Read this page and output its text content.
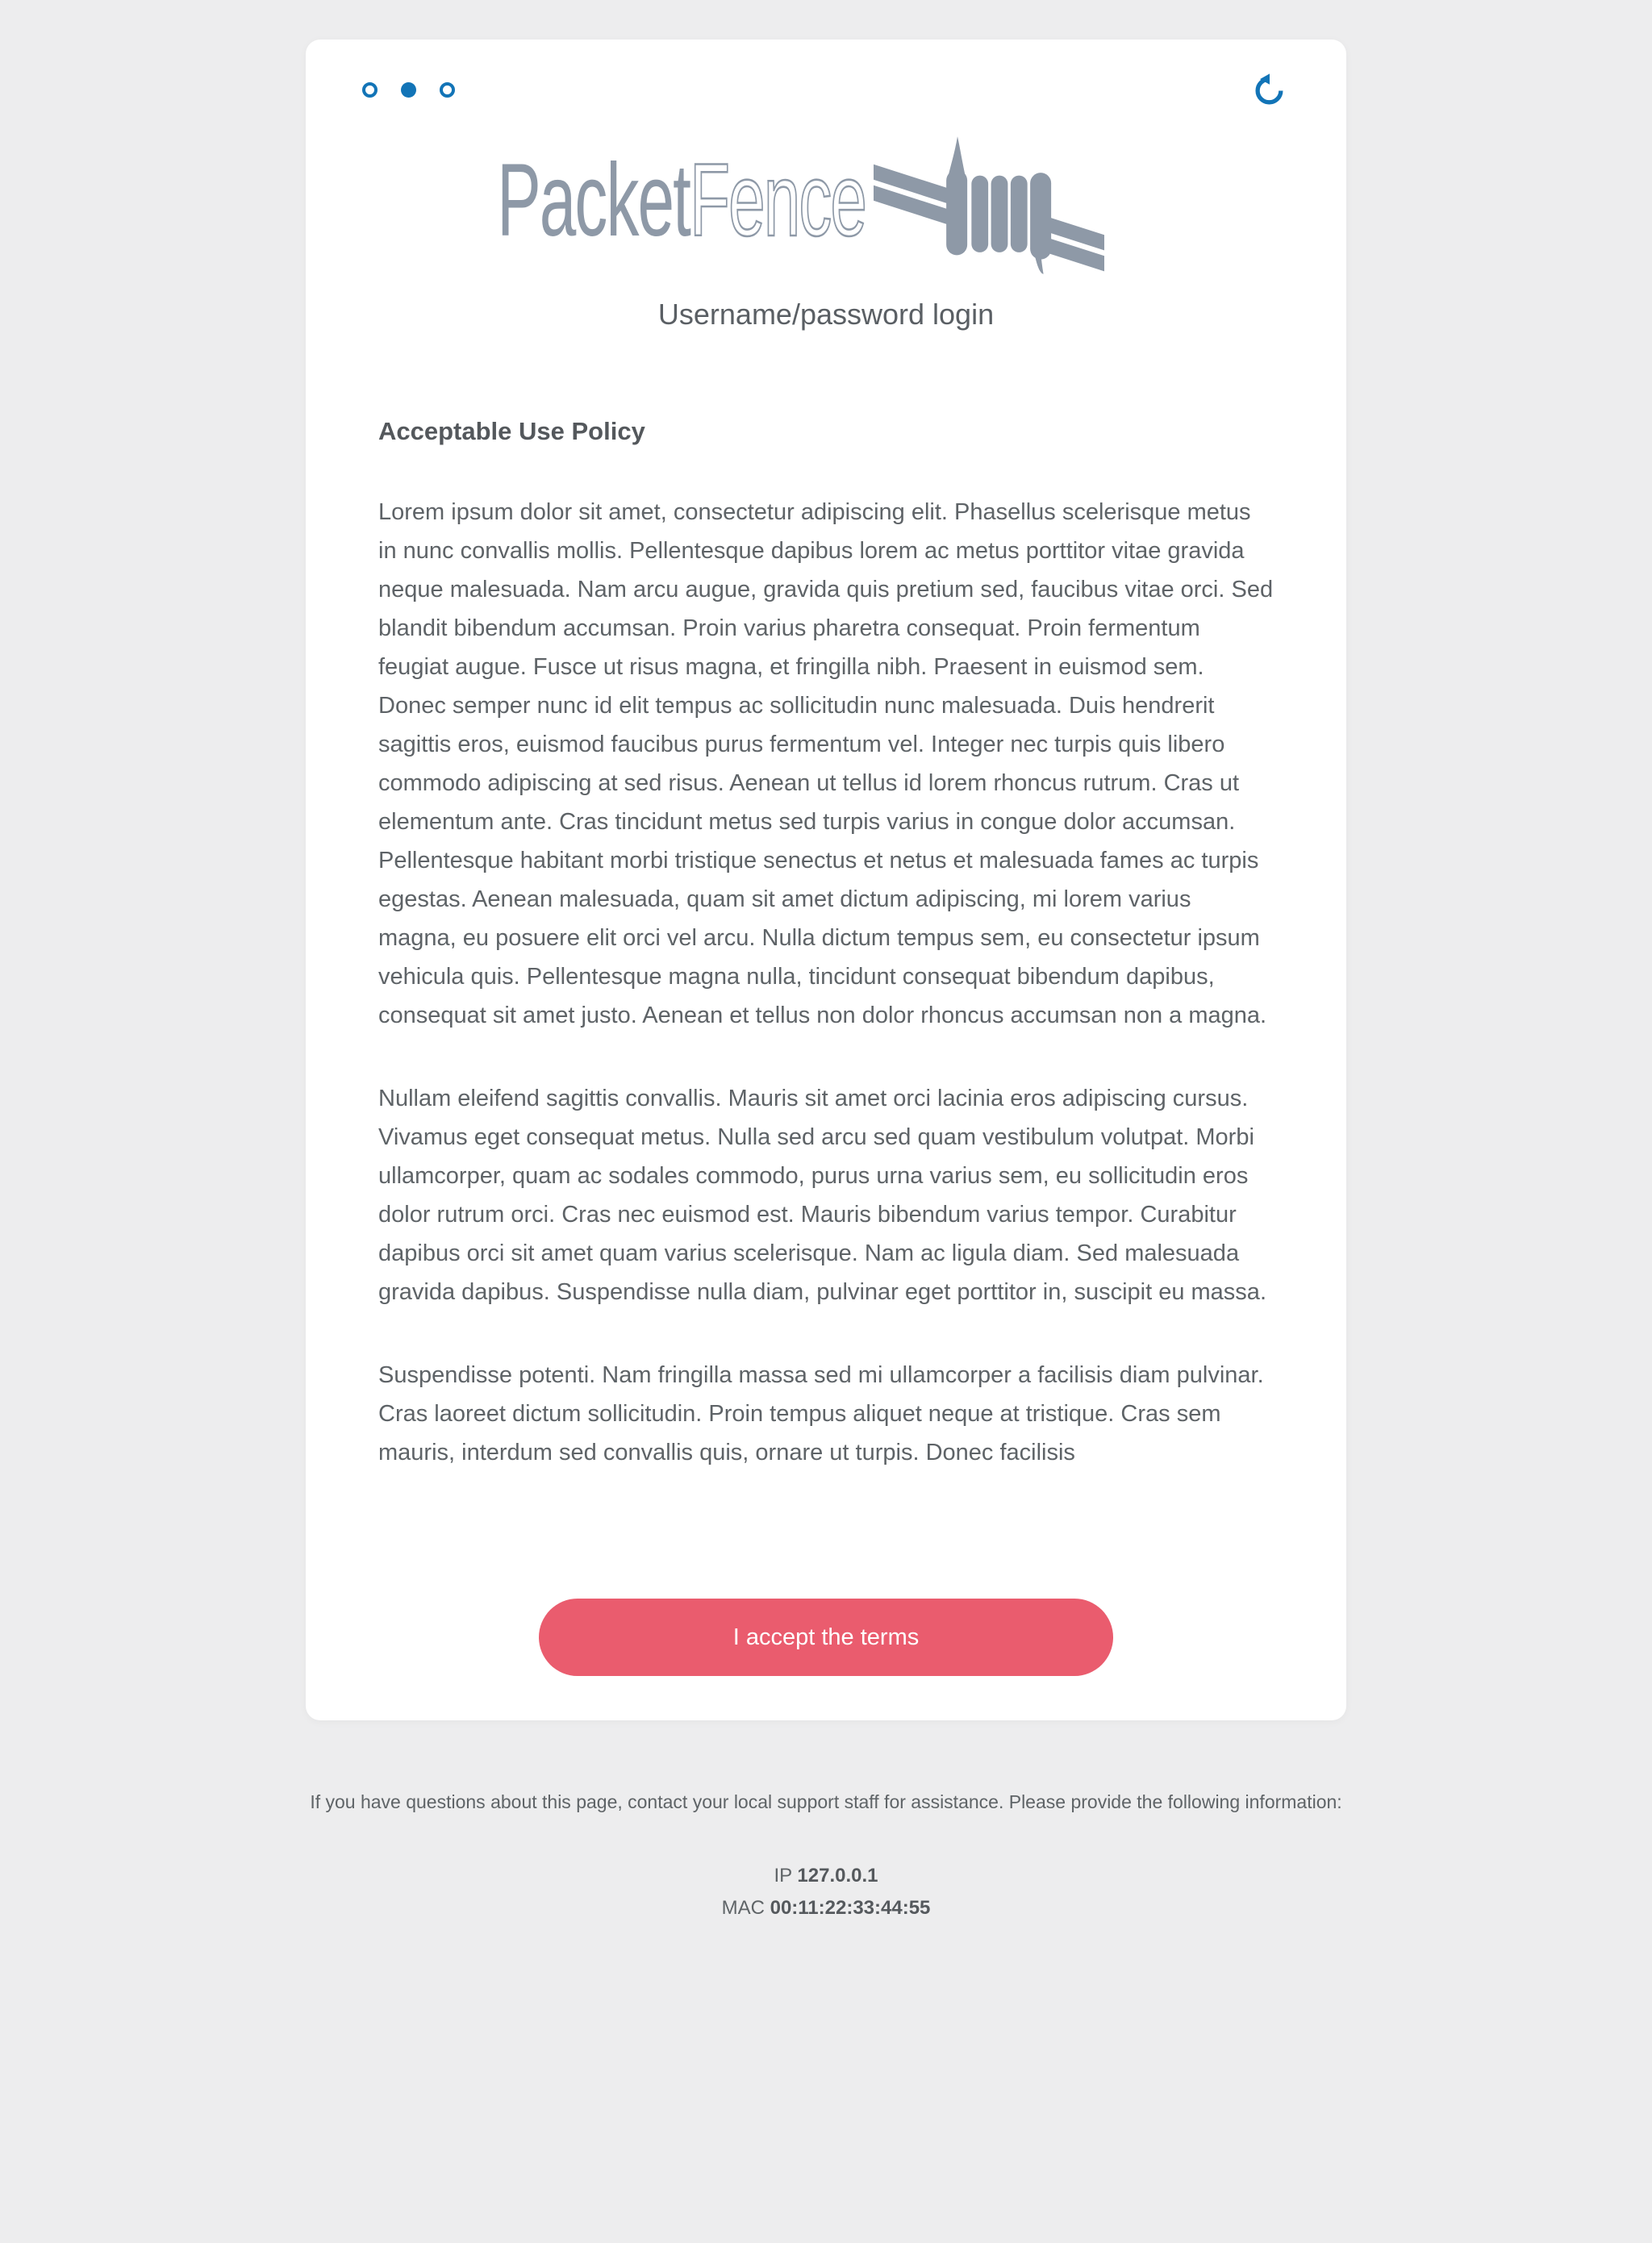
PacketFence
Username/password login
Acceptable Use Policy

Lorem ipsum dolor sit amet, consectetur adipiscing elit. Phasellus scelerisque metus in nunc convallis mollis. Pellentesque dapibus lorem ac metus porttitor vitae gravida neque malesuada. Nam arcu augue, gravida quis pretium sed, faucibus vitae orci. Sed blandit bibendum accumsan. Proin varius pharetra consequat. Proin fermentum feugiat augue. Fusce ut risus magna, et fringilla nibh. Praesent in euismod sem. Donec semper nunc id elit tempus ac sollicitudin nunc malesuada. Duis hendrerit sagittis eros, euismod faucibus purus fermentum vel. Integer nec turpis quis libero commodo adipiscing at sed risus. Aenean ut tellus id lorem rhoncus rutrum. Cras ut elementum ante. Cras tincidunt metus sed turpis varius in congue dolor accumsan. Pellentesque habitant morbi tristique senectus et netus et malesuada fames ac turpis egestas. Aenean malesuada, quam sit amet dictum adipiscing, mi lorem varius magna, eu posuere elit orci vel arcu. Nulla dictum tempus sem, eu consectetur ipsum vehicula quis. Pellentesque magna nulla, tincidunt consequat bibendum dapibus, consequat sit amet justo. Aenean et tellus non dolor rhoncus accumsan non a magna.

Nullam eleifend sagittis convallis. Mauris sit amet orci lacinia eros adipiscing cursus. Vivamus eget consequat metus. Nulla sed arcu sed quam vestibulum volutpat. Morbi ullamcorper, quam ac sodales commodo, purus urna varius sem, eu sollicitudin eros dolor rutrum orci. Cras nec euismod est. Mauris bibendum varius tempor. Curabitur dapibus orci sit amet quam varius scelerisque. Nam ac ligula diam. Sed malesuada gravida dapibus. Suspendisse nulla diam, pulvinar eget porttitor in, suscipit eu massa.

Suspendisse potenti. Nam fringilla massa sed mi ullamcorper a facilisis diam pulvinar. Cras laoreet dictum sollicitudin. Proin tempus aliquet neque at tristique. Cras sem mauris, interdum sed convallis quis, ornare ut turpis. Donec facilisis

I accept the terms
If you have questions about this page, contact your local support staff for assistance. Please provide the following information:
IP 127.0.0.1
MAC 00:11:22:33:44:55
